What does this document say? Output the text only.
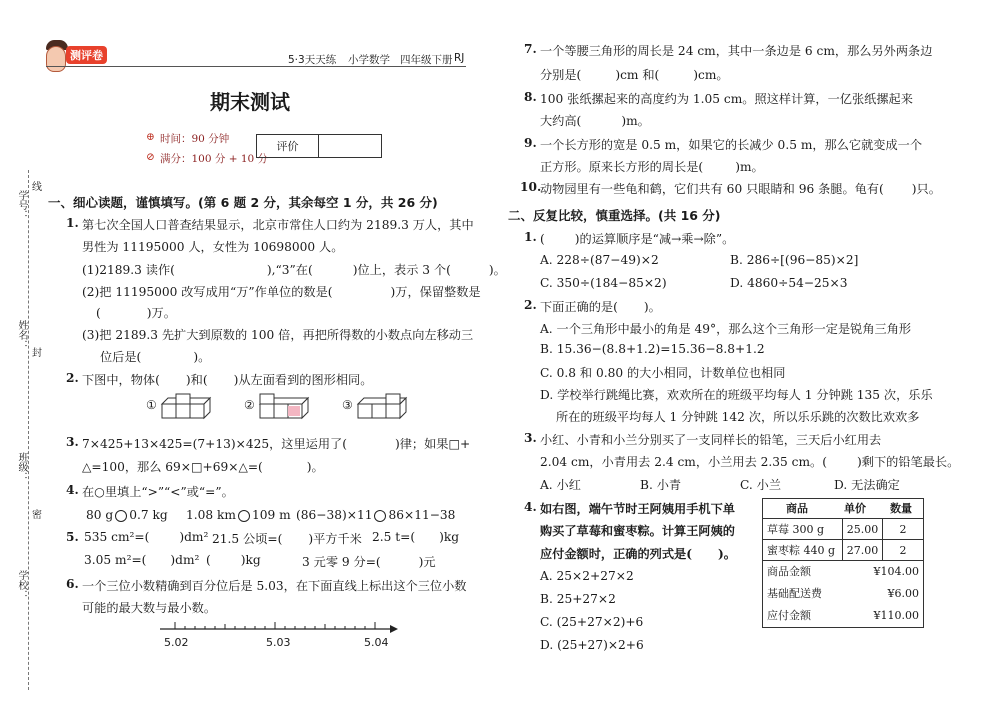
学号：
线
姓名：
封
班级：
密
学校：
测评卷	5·3天天练 小学数学 四年级下册 RJ
期末测试
⊕ 时间：90 分钟
⊘ 满分：100 分 + 10 分
评价
一、细心读题，谨慎填写。(第 6 题 2 分，其余每空 1 分，共 26 分)
1. 第七次全国人口普查结果显示，北京市常住人口约为 2189.3 万人，其中
男性为 11195000 人，女性为 10698000 人。
(1)2189.3 读作(	),“3”在(	)位上，表示 3 个(	)。
(2)把 11195000 改写成用“万”作单位的数是(	)万，保留整数是
(	)万。
(3)把 2189.3 先扩大到原数的 100 倍，再把所得数的小数点向左移动三
位后是(	)。
2. 下图中，物体( )和( )从左面看到的图形相同。
①	②	③
3. 7×425+13×425=(7+13)×425，这里运用了(	)律；如果□+
△=100，那么 69×□+69×△=(	)。
4. 在○里填上“>”“<”或“=”。
80 g 0.7 kg 1.08 km 109 m (86−38)×11 86×11−38
5. 535 cm²=( )dm² 21.5 公顷=( )平方千米 2.5 t=( )kg
3.05 m²=( )dm² ( )kg	3 元零 9 分=(	)元
6. 一个三位小数精确到百分位后是 5.03，在下面直线上标出这个三位小数
可能的最大数与最小数。
5.02	5.03	5.04
7. 一个等腰三角形的周长是 24 cm，其中一条边是 6 cm，那么另外两条边
分别是(	)cm 和(	)cm。
8. 100 张纸摞起来的高度约为 1.05 cm。照这样计算，一亿张纸摞起来
大约高(	)m。
9. 一个长方形的宽是 0.5 m，如果它的长减少 0.5 m，那么它就变成一个
正方形。原来长方形的周长是(	)m。
10.
动物园里有一些龟和鹤，它们共有 60 只眼睛和 96 条腿。龟有( )只。
二、反复比较，慎重选择。(共 16 分)
1. ( )的运算顺序是“减→乘→除”。
A. 228÷(87−49)×2	B. 286÷[(96−85)×2]
C. 350÷(184−85×2)	D. 4860÷54−25×3
2. 下面正确的是( )。
A. 一个三角形中最小的角是 49°，那么这个三角形一定是锐角三角形
B. 15.36−(8.8+1.2)=15.36−8.8+1.2
C. 0.8 和 0.80 的大小相同，计数单位也相同
D. 学校举行跳绳比赛，欢欢所在的班级平均每人 1 分钟跳 135 次，乐乐
所在的班级平均每人 1 分钟跳 142 次，所以乐乐跳的次数比欢欢多
3. 小红、小青和小兰分别买了一支同样长的铅笔，三天后小红用去
2.04 cm，小青用去 2.4 cm，小兰用去 2.35 cm。( )剩下的铅笔最长。
A. 小红	B. 小青	C. 小兰	D. 无法确定
4. 如右图，端午节时王阿姨用手机下单
购买了草莓和蜜枣粽。计算王阿姨的
应付金额时，正确的列式是( )。
A. 25×2+27×2
B. 25+27×2
C. (25+27×2)+6
D. (25+27)×2+6
商品	单价	数量
草莓 300 g	25.00	2
蜜枣粽 440 g	27.00	2
商品金额	¥104.00
基础配送费	¥6.00
应付金额	¥110.00
